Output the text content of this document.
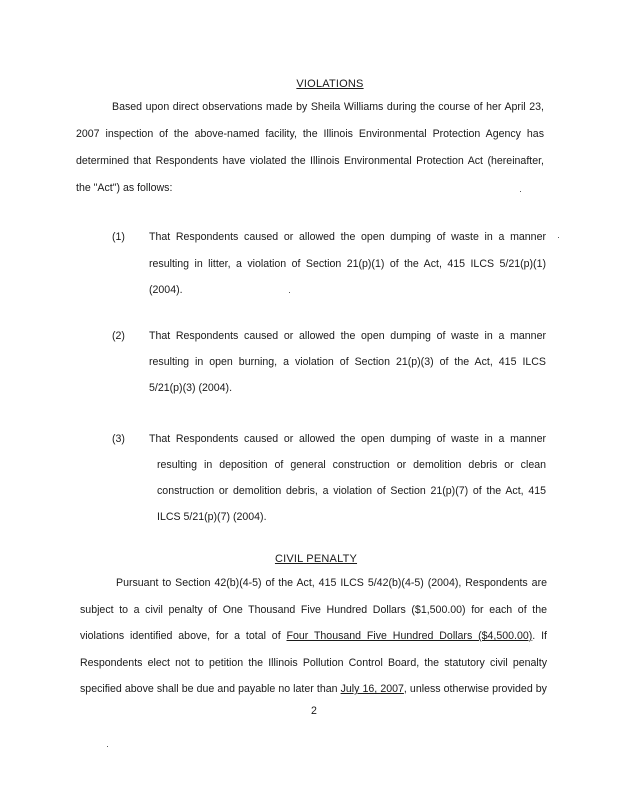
VIOLATIONS
Based upon direct observations made by Sheila Williams during the course of her April 23,
2007 inspection of the above-named facility, the Illinois Environmental Protection Agency has
determined that Respondents have violated the Illinois Environmental Protection Act (hereinafter,
the "Act") as follows:
(1) That Respondents caused or allowed the open dumping of waste in a manner
resulting in litter, a violation of Section 21(p)(1) of the Act, 415 ILCS 5/21(p)(1)
(2004).
(2) That Respondents caused or allowed the open dumping of waste in a manner
resulting in open burning, a violation of Section 21(p)(3) of the Act, 415 ILCS
5/21(p)(3) (2004).
(3) That Respondents caused or allowed the open dumping of waste in a manner
resulting in deposition of general construction or demolition debris or clean
construction or demolition debris, a violation of Section 21(p)(7) of the Act, 415
ILCS 5/21(p)(7) (2004).
CIVIL PENALTY
Pursuant to Section 42(b)(4-5) of the Act, 415 ILCS 5/42(b)(4-5) (2004), Respondents are
subject to a civil penalty of One Thousand Five Hundred Dollars ($1,500.00) for each of the
violations identified above, for a total of Four Thousand Five Hundred Dollars ($4,500.00). If
Respondents elect not to petition the Illinois Pollution Control Board, the statutory civil penalty
specified above shall be due and payable no later than July 16, 2007, unless otherwise provided by
2
